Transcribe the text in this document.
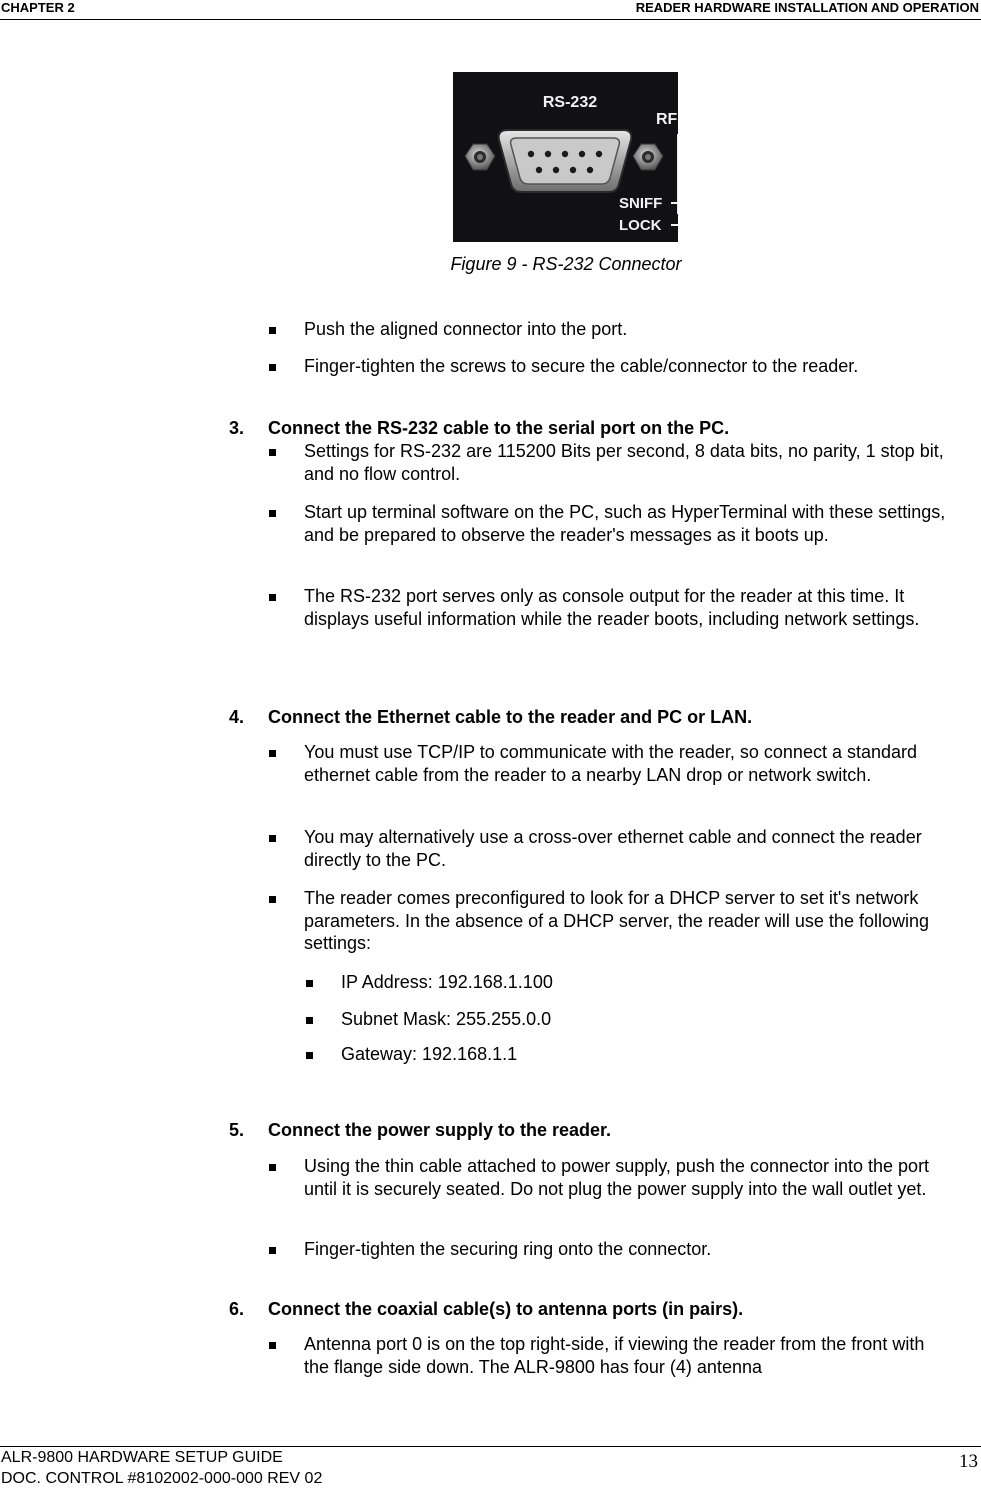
CHAPTER 2	READER HARDWARE INSTALLATION AND OPERATION
RS-232
RF
SNIFF
LOCK
Figure 9 - RS-232 Connector
Push the aligned connector into the port.
Finger-tighten the screws to secure the cable/connector to the reader.
3. Connect the RS-232 cable to the serial port on the PC.
Settings for RS-232 are 115200 Bits per second, 8 data bits, no parity, 1 stop bit, and no flow control.
Start up terminal software on the PC, such as HyperTerminal with these settings, and be prepared to observe the reader's messages as it boots up.
The RS-232 port serves only as console output for the reader at this time. It displays useful information while the reader boots, including network settings.
4. Connect the Ethernet cable to the reader and PC or LAN.
You must use TCP/IP to communicate with the reader, so connect a standard ethernet cable from the reader to a nearby LAN drop or network switch.
You may alternatively use a cross-over ethernet cable and connect the reader directly to the PC.
The reader comes preconfigured to look for a DHCP server to set it's network parameters. In the absence of a DHCP server, the reader will use the following settings:
IP Address: 192.168.1.100
Subnet Mask: 255.255.0.0
Gateway: 192.168.1.1
5. Connect the power supply to the reader.
Using the thin cable attached to power supply, push the connector into the port until it is securely seated. Do not plug the power supply into the wall outlet yet.
Finger-tighten the securing ring onto the connector.
6. Connect the coaxial cable(s) to antenna ports (in pairs).
Antenna port 0 is on the top right-side, if viewing the reader from the front with the flange side down. The ALR-9800 has four (4) antenna
ALR-9800 HARDWARE SETUP GUIDE
DOC. CONTROL #8102002-000-000 REV 02
13
